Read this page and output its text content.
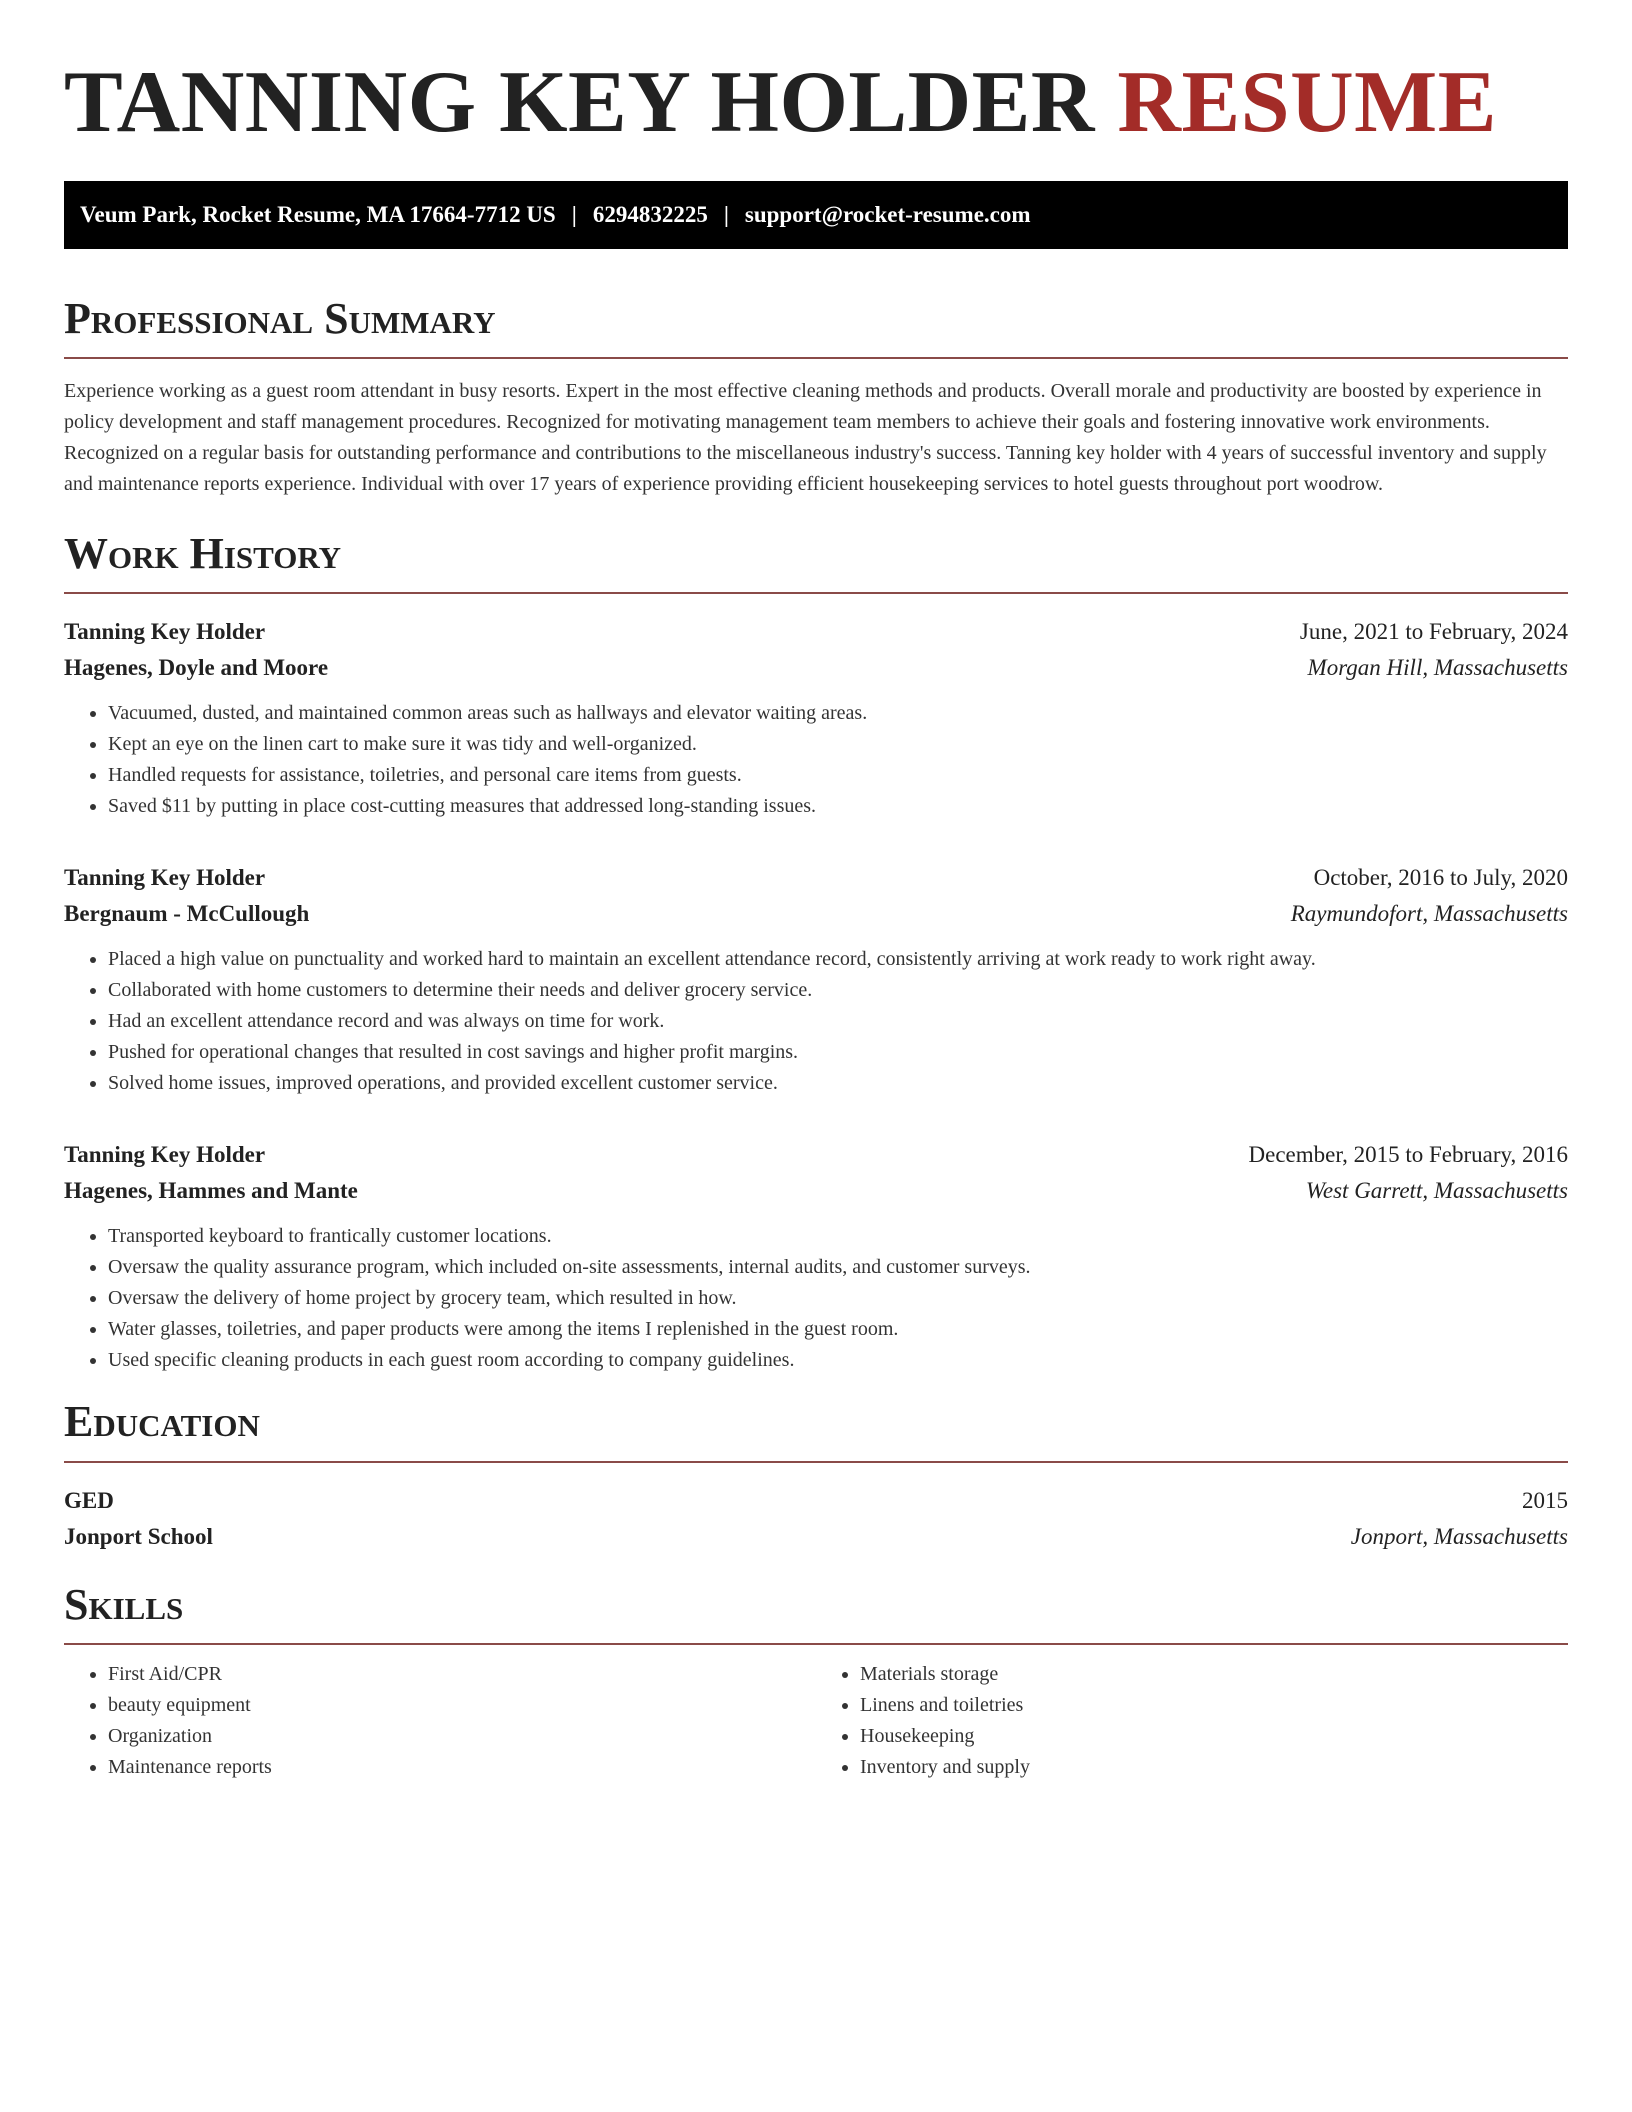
TANNING KEY HOLDER RESUME
Veum Park, Rocket Resume, MA 17664-7712 US | 6294832225 | support@rocket-resume.com
Professional Summary

Experience working as a guest room attendant in busy resorts. Expert in the most effective cleaning methods and products. Overall morale and productivity are boosted by experience in policy development and staff management procedures. Recognized for motivating management team members to achieve their goals and fostering innovative work environments. Recognized on a regular basis for outstanding performance and contributions to the miscellaneous industry's success. Tanning key holder with 4 years of successful inventory and supply and maintenance reports experience. Individual with over 17 years of experience providing efficient housekeeping services to hotel guests throughout port woodrow.

Work History
Tanning Key Holder	June, 2021 to February, 2024
Hagenes, Doyle and Moore	Morgan Hill, Massachusetts
• Vacuumed, dusted, and maintained common areas such as hallways and elevator waiting areas.
• Kept an eye on the linen cart to make sure it was tidy and well-organized.
• Handled requests for assistance, toiletries, and personal care items from guests.
• Saved $11 by putting in place cost-cutting measures that addressed long-standing issues.
Tanning Key Holder	October, 2016 to July, 2020
Bergnaum - McCullough	Raymundofort, Massachusetts
• Placed a high value on punctuality and worked hard to maintain an excellent attendance record, consistently arriving at work ready to work right away.
• Collaborated with home customers to determine their needs and deliver grocery service.
• Had an excellent attendance record and was always on time for work.
• Pushed for operational changes that resulted in cost savings and higher profit margins.
• Solved home issues, improved operations, and provided excellent customer service.
Tanning Key Holder	December, 2015 to February, 2016
Hagenes, Hammes and Mante	West Garrett, Massachusetts
• Transported keyboard to frantically customer locations.
• Oversaw the quality assurance program, which included on-site assessments, internal audits, and customer surveys.
• Oversaw the delivery of home project by grocery team, which resulted in how.
• Water glasses, toiletries, and paper products were among the items I replenished in the guest room.
• Used specific cleaning products in each guest room according to company guidelines.
Education
GED	2015
Jonport School	Jonport, Massachusetts
Skills
• First Aid/CPR
• beauty equipment
• Organization
• Maintenance reports
• Materials storage
• Linens and toiletries
• Housekeeping
• Inventory and supply
